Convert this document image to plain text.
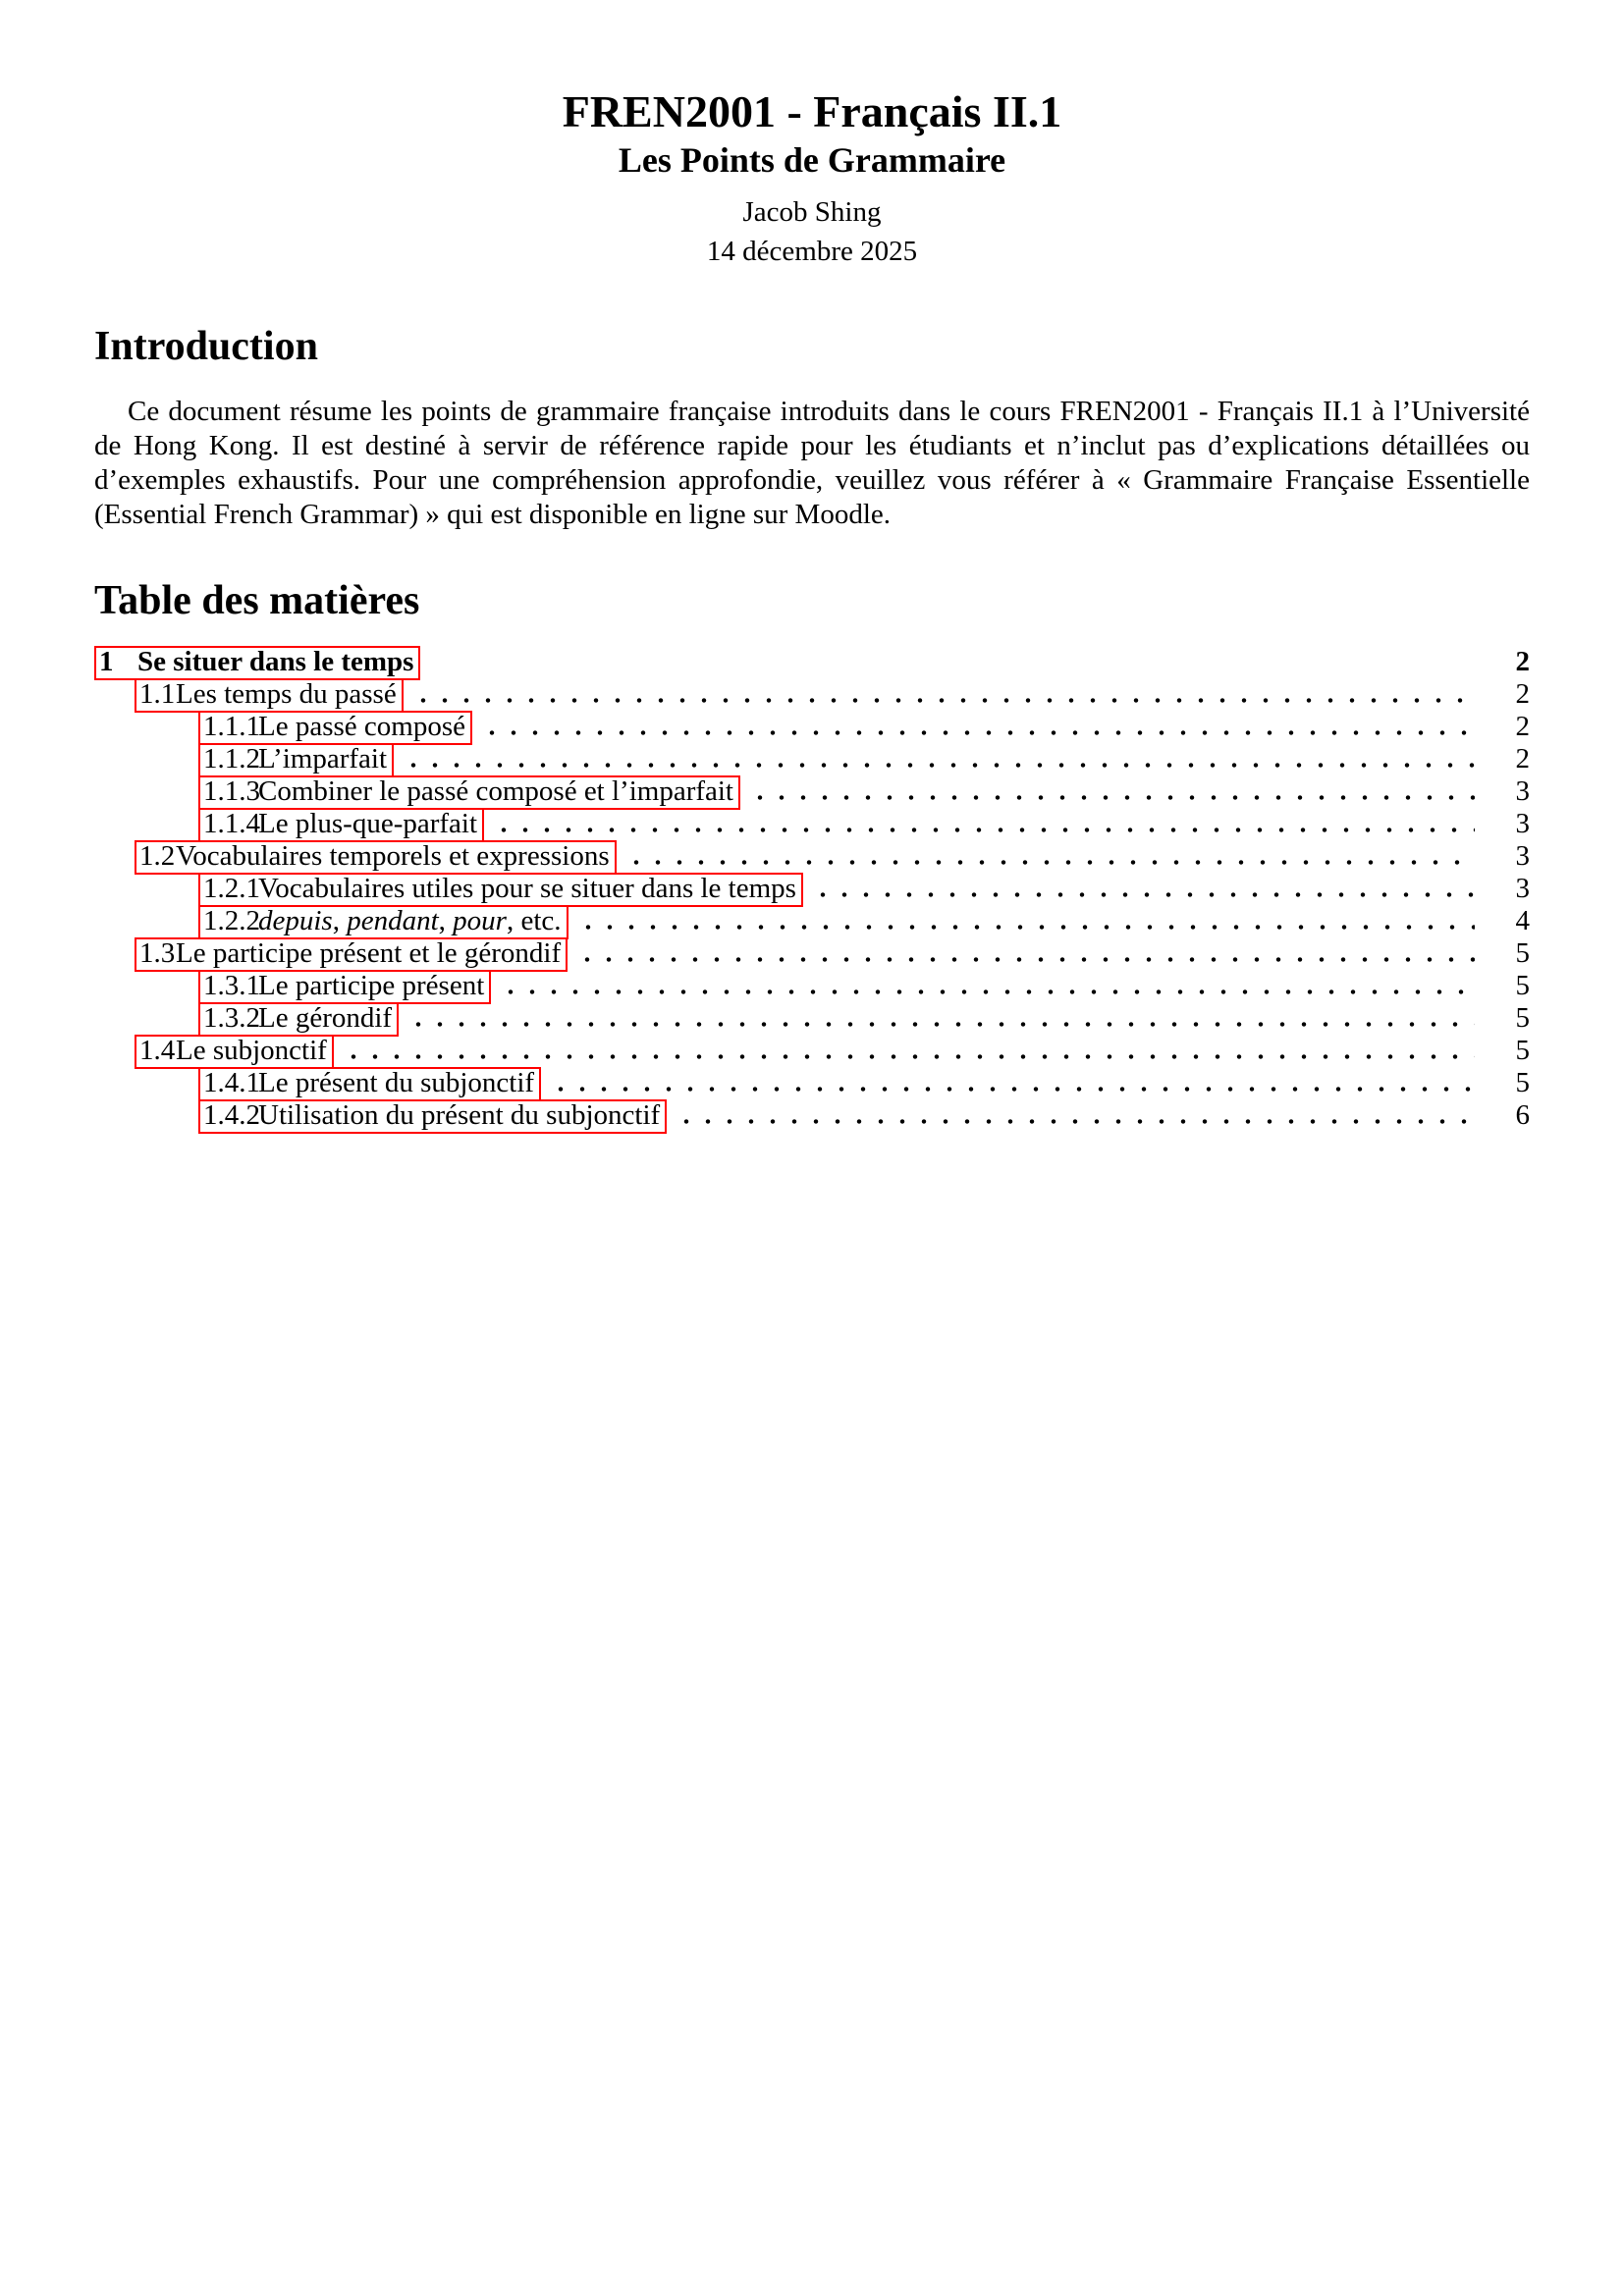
FREN2001 - Français II.1
Les Points de Grammaire
Jacob Shing
14 décembre 2025
Introduction

Ce document résume les points de grammaire française introduits dans le cours FREN2001 - Français II.1 à l’Université de Hong Kong. Il est destiné à servir de référence rapide pour les étudiants et n’inclut pas d’explications détaillées ou d’exemples exhaustifs. Pour une compréhension approfondie, veuillez vous référer à « Grammaire Française Essentielle (Essential French Grammar) » qui est disponible en ligne sur Moodle.

Table des matières
1 Se situer dans le temps	2
1.1Les temps du passé	2
1.1.1Le passé composé	2
1.1.2L’imparfait	2
1.1.3Combiner le passé composé et l’imparfait	3
1.1.4Le plus-que-parfait	3
1.2Vocabulaires temporels et expressions	3
1.2.1Vocabulaires utiles pour se situer dans le temps	3
1.2.2depuis, pendant, pour, etc.	4
1.3Le participe présent et le gérondif	5
1.3.1Le participe présent	5
1.3.2Le gérondif	5
1.4Le subjonctif	5
1.4.1Le présent du subjonctif	5
1.4.2Utilisation du présent du subjonctif	6
